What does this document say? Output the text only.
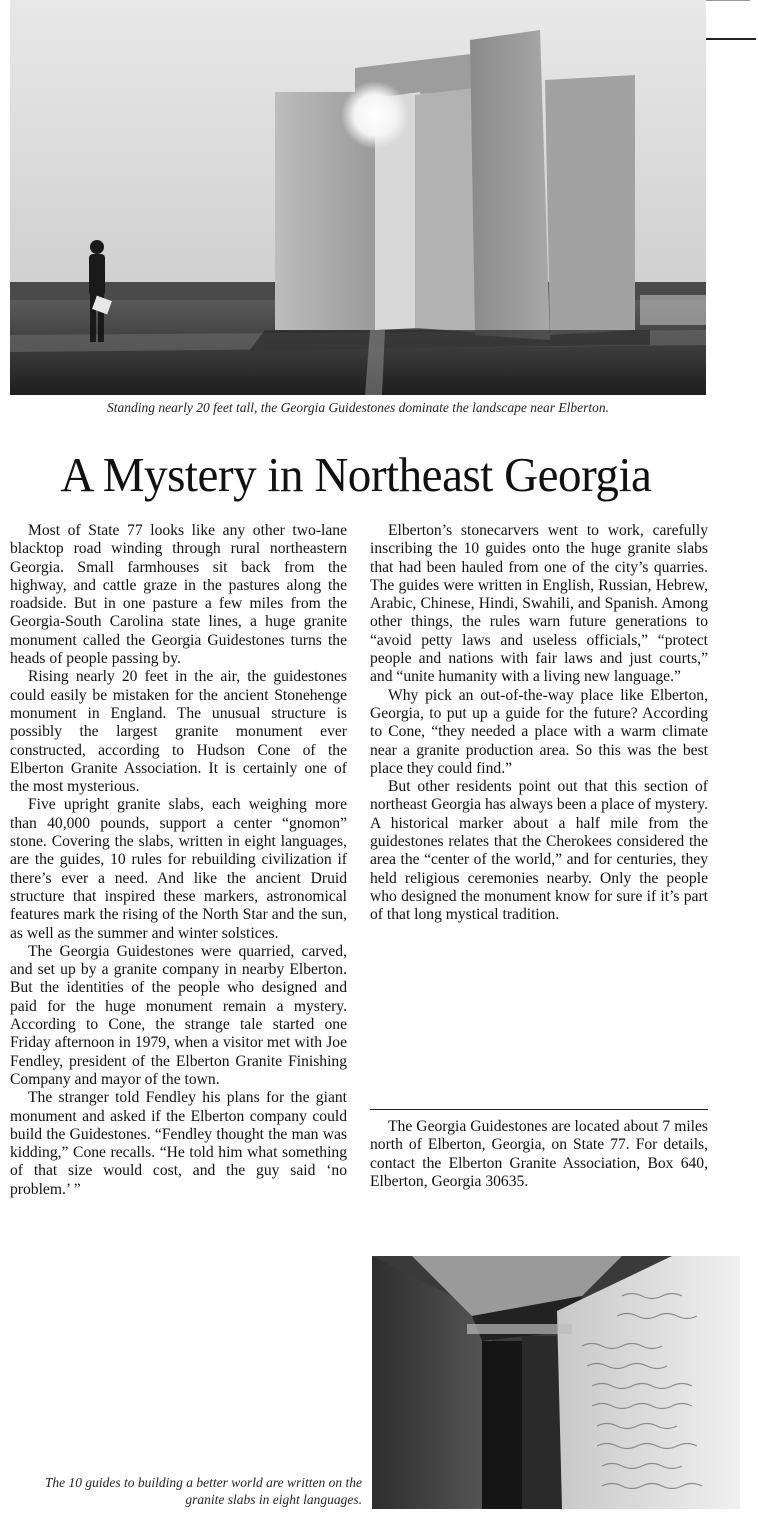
Standing nearly 20 feet tall, the Georgia Guidestones dominate the landscape near Elberton.
A Mystery in Northeast Georgia

Most of State 77 looks like any other two-lane blacktop road winding through rural northeastern Georgia. Small farmhouses sit back from the highway, and cattle graze in the pastures along the roadside. But in one pasture a few miles from the Georgia-South Carolina state lines, a huge granite monument called the Georgia Guidestones turns the heads of people passing by.

Rising nearly 20 feet in the air, the guidestones could easily be mistaken for the ancient Stonehenge monument in England. The unusual structure is possibly the largest granite monument ever constructed, according to Hudson Cone of the Elberton Granite Association. It is certainly one of the most mysterious.

Five upright granite slabs, each weighing more than 40,000 pounds, support a center “gnomon” stone. Covering the slabs, written in eight languages, are the guides, 10 rules for rebuilding civilization if there’s ever a need. And like the ancient Druid structure that inspired these markers, astronomical features mark the rising of the North Star and the sun, as well as the summer and winter solstices.

The Georgia Guidestones were quarried, carved, and set up by a granite company in nearby Elberton. But the identities of the people who designed and paid for the huge monument remain a mystery. According to Cone, the strange tale started one Friday afternoon in 1979, when a visitor met with Joe Fendley, president of the Elberton Granite Finishing Company and mayor of the town.

The stranger told Fendley his plans for the giant monument and asked if the Elberton company could build the Guidestones. “Fendley thought the man was kidding,” Cone recalls. “He told him what something of that size would cost, and the guy said ‘no problem.’ ”

Elberton’s stonecarvers went to work, carefully inscribing the 10 guides onto the huge granite slabs that had been hauled from one of the city’s quarries. The guides were written in English, Russian, Hebrew, Arabic, Chinese, Hindi, Swahili, and Spanish. Among other things, the rules warn future generations to “avoid petty laws and useless officials,” “protect people and nations with fair laws and just courts,” and “unite humanity with a living new language.”

Why pick an out-of-the-way place like Elberton, Georgia, to put up a guide for the future? According to Cone, “they needed a place with a warm climate near a granite production area. So this was the best place they could find.”

But other residents point out that this section of northeast Georgia has always been a place of mystery. A historical marker about a half mile from the guidestones relates that the Cherokees considered the area the “center of the world,” and for centuries, they held religious ceremonies nearby. Only the people who designed the monument know for sure if it’s part of that long mystical tradition.

The Georgia Guidestones are located about 7 miles north of Elberton, Georgia, on State 77. For details, contact the Elberton Granite Association, Box 640, Elberton, Georgia 30635.

The 10 guides to building a better world are written on the granite slabs in eight languages.
